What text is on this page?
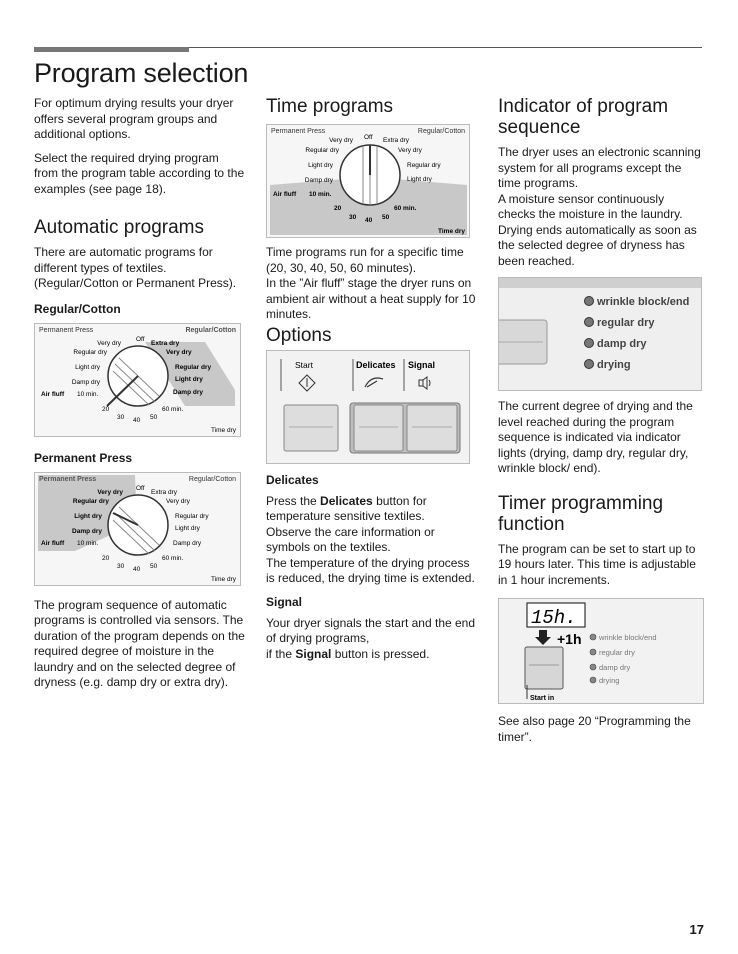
Program selection

For optimum drying results your dryer offers several program groups and additional options.

Select the required drying program from the program table according to the examples (see page 18).

Automatic programs

There are automatic programs for different types of textiles. (Regular/Cotton or Permanent Press).

Regular/Cotton
Permanent Press	Regular/Cotton
Off
Very dry
Regular dry
Light dry
Damp dry
Extra dry
Very dry
Regular dry
Light dry
Damp dry
Air fluff 10 min.
20
30 40 50
60 min.
Time dry
Permanent Press
Permanent Press	Regular/Cotton
Off
Very dry
Regular dry
Light dry
Damp dry
Extra dry
Very dry
Regular dry
Light dry
Damp dry
Air fluff 10 min.
20
30 40 50
60 min.
Time dry

The program sequence of automatic programs is controlled via sensors. The duration of the program depends on the required degree of moisture in the laundry and on the selected degree of dryness (e.g. damp dry or extra dry).

Time programs
Permanent Press	Regular/Cotton
Off
Very dry
Regular dry
Light dry
Damp dry
Extra dry
Very dry
Regular dry
Light dry
Air fluff 10 min.
20
30 40 50
60 min.
Time dry

Time programs run for a specific time (20, 30, 40, 50, 60 minutes).

In the ”Air fluff” stage the dryer runs on ambient air without a heat supply for 10 minutes.

Options
Start	Delicates Signal
Delicates

Press the Delicates button for temperature sensitive textiles.

Observe the care information or symbols on the textiles.

The temperature of the drying process is reduced, the drying time is extended.

Signal

Your dryer signals the start and the end of drying programs,

if the Signal button is pressed.

Indicator of program sequence

The dryer uses an electronic scanning system for all programs except the time programs.

A moisture sensor continuously checks the moisture in the laundry. Drying ends automatically as soon as the selected degree of dryness has been reached.

wrinkle block/end
regular dry
damp dry
drying

The current degree of drying and the level reached during the program sequence is indicated via indicator lights (drying, damp dry, regular dry, wrinkle block/ end).

Timer programming function

The program can be set to start up to 19 hours later. This time is adjustable in 1 hour increments.

15h.
+1h
Start in
wrinkle block/end
regular dry
damp dry
drying

See also page 20 “Programming the timer”.

17
